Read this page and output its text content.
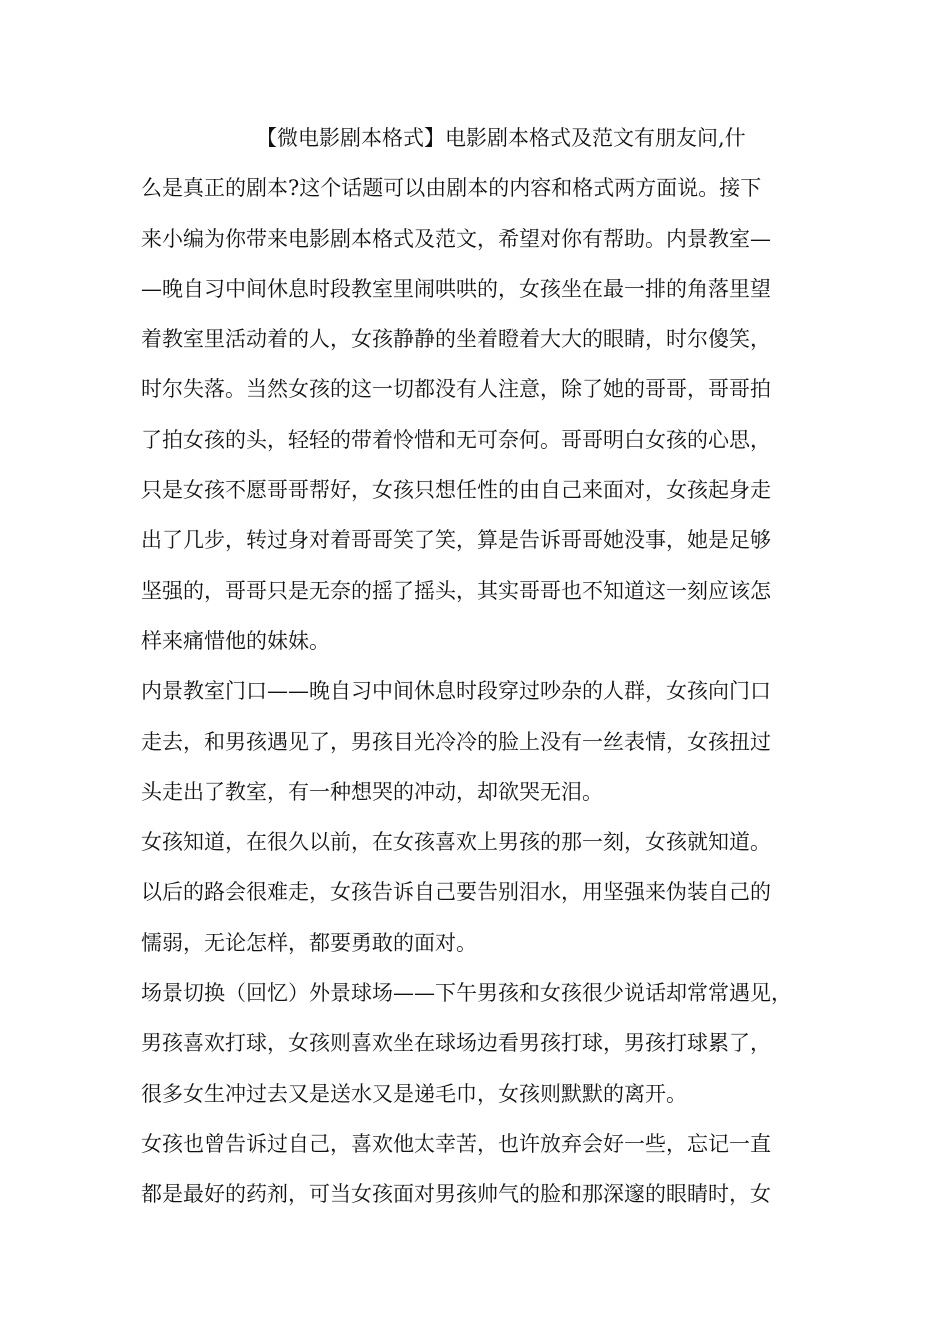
【微电影剧本格式】电影剧本格式及范文有朋友问,什
么是真正的剧本?这个话题可以由剧本的内容和格式两方面说。接下
来小编为你带来电影剧本格式及范文，希望对你有帮助。内景教室—
—晚自习中间休息时段教室里闹哄哄的，女孩坐在最一排的角落里望
着教室里活动着的人，女孩静静的坐着瞪着大大的眼睛，时尔傻笑，
时尔失落。当然女孩的这一切都没有人注意，除了她的哥哥，哥哥拍
了拍女孩的头，轻轻的带着怜惜和无可奈何。哥哥明白女孩的心思，
只是女孩不愿哥哥帮好，女孩只想任性的由自己来面对，女孩起身走
出了几步，转过身对着哥哥笑了笑，算是告诉哥哥她没事，她是足够
坚强的，哥哥只是无奈的摇了摇头，其实哥哥也不知道这一刻应该怎
样来痛惜他的妹妹。
内景教室门口——晚自习中间休息时段穿过吵杂的人群，女孩向门口
走去，和男孩遇见了，男孩目光冷冷的脸上没有一丝表情，女孩扭过
头走出了教室，有一种想哭的冲动，却欲哭无泪。
女孩知道，在很久以前，在女孩喜欢上男孩的那一刻，女孩就知道。
以后的路会很难走，女孩告诉自己要告别泪水，用坚强来伪装自己的
懦弱，无论怎样，都要勇敢的面对。
场景切换（回忆）外景球场——下午男孩和女孩很少说话却常常遇见，
男孩喜欢打球，女孩则喜欢坐在球场边看男孩打球，男孩打球累了，
很多女生冲过去又是送水又是递毛巾，女孩则默默的离开。
女孩也曾告诉过自己，喜欢他太幸苦，也许放弃会好一些，忘记一直
都是最好的药剂，可当女孩面对男孩帅气的脸和那深邃的眼睛时，女
